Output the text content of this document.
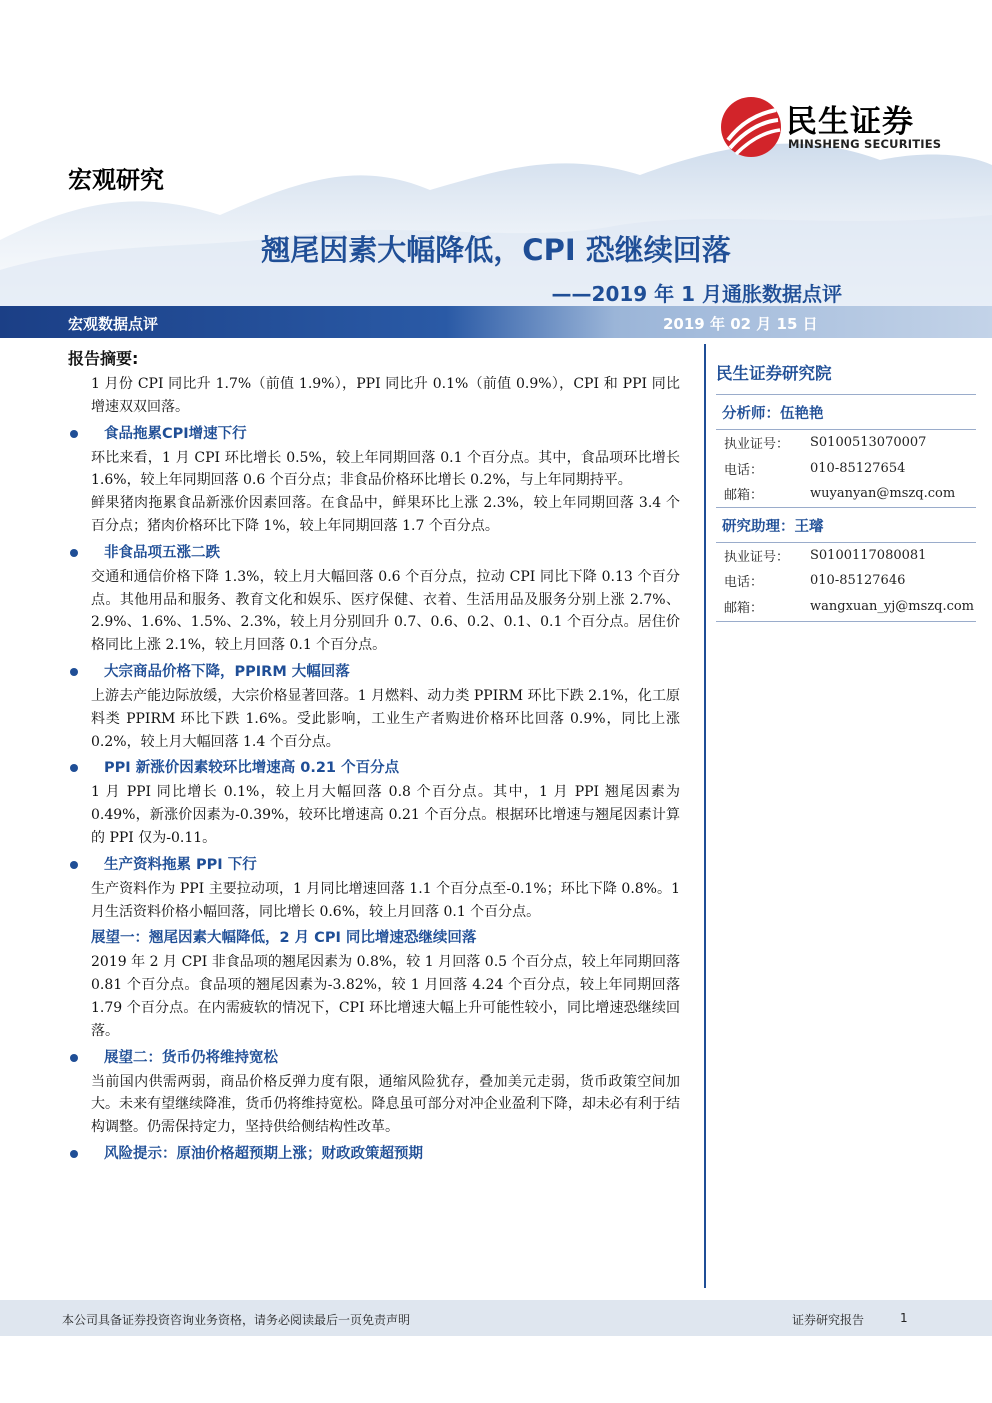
民生证券
MINSHENG SECURITIES
宏观研究
翘尾因素大幅降低，CPI 恐继续回落
——2019 年 1 月通胀数据点评
宏观数据点评	2019 年 02 月 15 日
报告摘要:

1 月份 CPI 同比升 1.7%（前值 1.9%），PPI 同比升 0.1%（前值 0.9%），CPI 和 PPI 同比增速双双回落。

食品拖累CPI增速下行

环比来看，1 月 CPI 环比增长 0.5%，较上年同期回落 0.1 个百分点。其中，食品项环比增长 1.6%，较上年同期回落 0.6 个百分点；非食品价格环比增长 0.2%，与上年同期持平。

鲜果猪肉拖累食品新涨价因素回落。在食品中，鲜果环比上涨 2.3%，较上年同期回落 3.4 个百分点；猪肉价格环比下降 1%，较上年同期回落 1.7 个百分点。

非食品项五涨二跌

交通和通信价格下降 1.3%，较上月大幅回落 0.6 个百分点，拉动 CPI 同比下降 0.13 个百分点。其他用品和服务、教育文化和娱乐、医疗保健、衣着、生活用品及服务分别上涨 2.7%、2.9%、1.6%、1.5%、2.3%，较上月分别回升 0.7、0.6、0.2、0.1、0.1 个百分点。居住价格同比上涨 2.1%，较上月回落 0.1 个百分点。

大宗商品价格下降，PPIRM 大幅回落

上游去产能边际放缓，大宗价格显著回落。1 月燃料、动力类 PPIRM 环比下跌 2.1%，化工原料类 PPIRM 环比下跌 1.6%。受此影响，工业生产者购进价格环比回落 0.9%，同比上涨 0.2%，较上月大幅回落 1.4 个百分点。

PPI 新涨价因素较环比增速高 0.21 个百分点

1 月 PPI 同比增长 0.1%，较上月大幅回落 0.8 个百分点。其中，1 月 PPI 翘尾因素为 0.49%，新涨价因素为-0.39%，较环比增速高 0.21 个百分点。根据环比增速与翘尾因素计算的 PPI 仅为-0.11。

生产资料拖累 PPI 下行

生产资料作为 PPI 主要拉动项，1 月同比增速回落 1.1 个百分点至-0.1%；环比下降 0.8%。1 月生活资料价格小幅回落，同比增长 0.6%，较上月回落 0.1 个百分点。

展望一：翘尾因素大幅降低，2 月 CPI 同比增速恐继续回落

2019 年 2 月 CPI 非食品项的翘尾因素为 0.8%，较 1 月回落 0.5 个百分点，较上年同期回落 0.81 个百分点。食品项的翘尾因素为-3.82%，较 1 月回落 4.24 个百分点，较上年同期回落 1.79 个百分点。在内需疲软的情况下，CPI 环比增速大幅上升可能性较小，同比增速恐继续回落。

展望二：货币仍将维持宽松

当前国内供需两弱，商品价格反弹力度有限，通缩风险犹存，叠加美元走弱，货币政策空间加大。未来有望继续降准，货币仍将维持宽松。降息虽可部分对冲企业盈利下降，却未必有利于结构调整。仍需保持定力，坚持供给侧结构性改革。

风险提示：原油价格超预期上涨；财政政策超预期
民生证券研究院
分析师：伍艳艳
执业证号：	S0100513070007
电话：	010-85127654
邮箱：	wuyanyan@mszq.com
研究助理：王璿
执业证号：	S0100117080081
电话：	010-85127646
邮箱：	wangxuan_yj@mszq.com
本公司具备证券投资咨询业务资格，请务必阅读最后一页免责声明	证券研究报告	1
